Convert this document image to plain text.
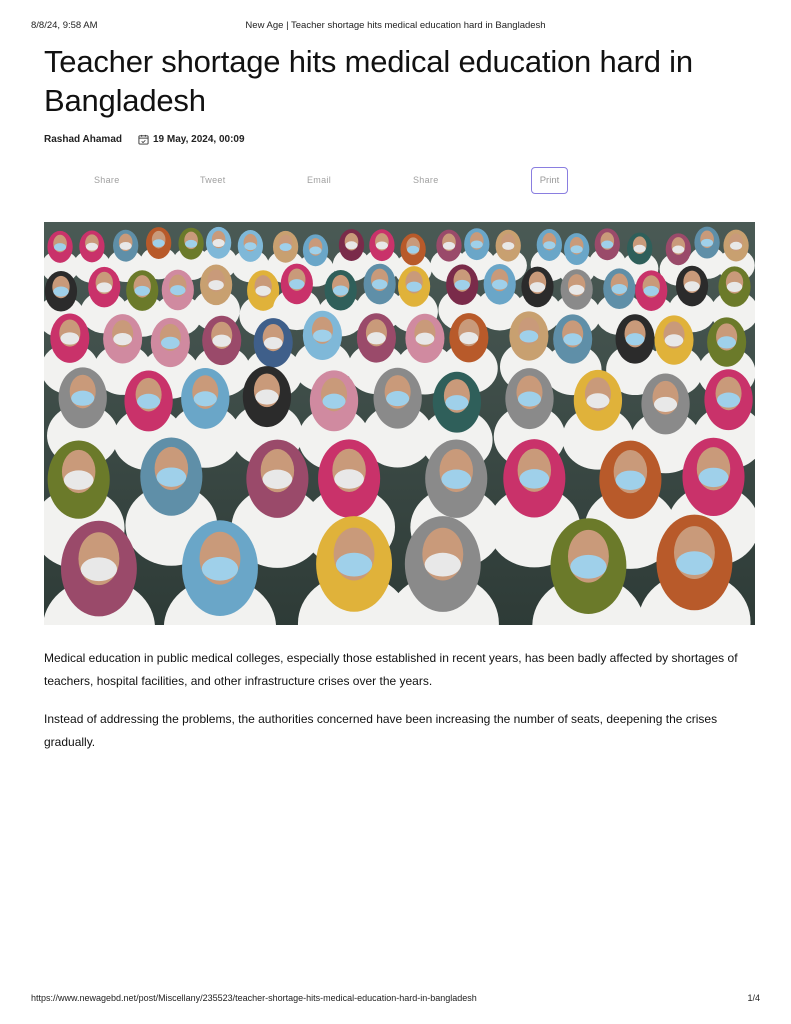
8/8/24, 9:58 AM	New Age | Teacher shortage hits medical education hard in Bangladesh
Teacher shortage hits medical education hard in Bangladesh
Rashad Ahamad	19 May, 2024, 00:09
Share	Tweet	Email	Share	Print

Medical education in public medical colleges, especially those established in recent years, has been badly affected by shortages of teachers, hospital facilities, and other infrastructure crises over the years.

Instead of addressing the problems, the authorities concerned have been increasing the number of seats, deepening the crises gradually.

https://www.newagebd.net/post/Miscellany/235523/teacher-shortage-hits-medical-education-hard-in-bangladesh	1/4
